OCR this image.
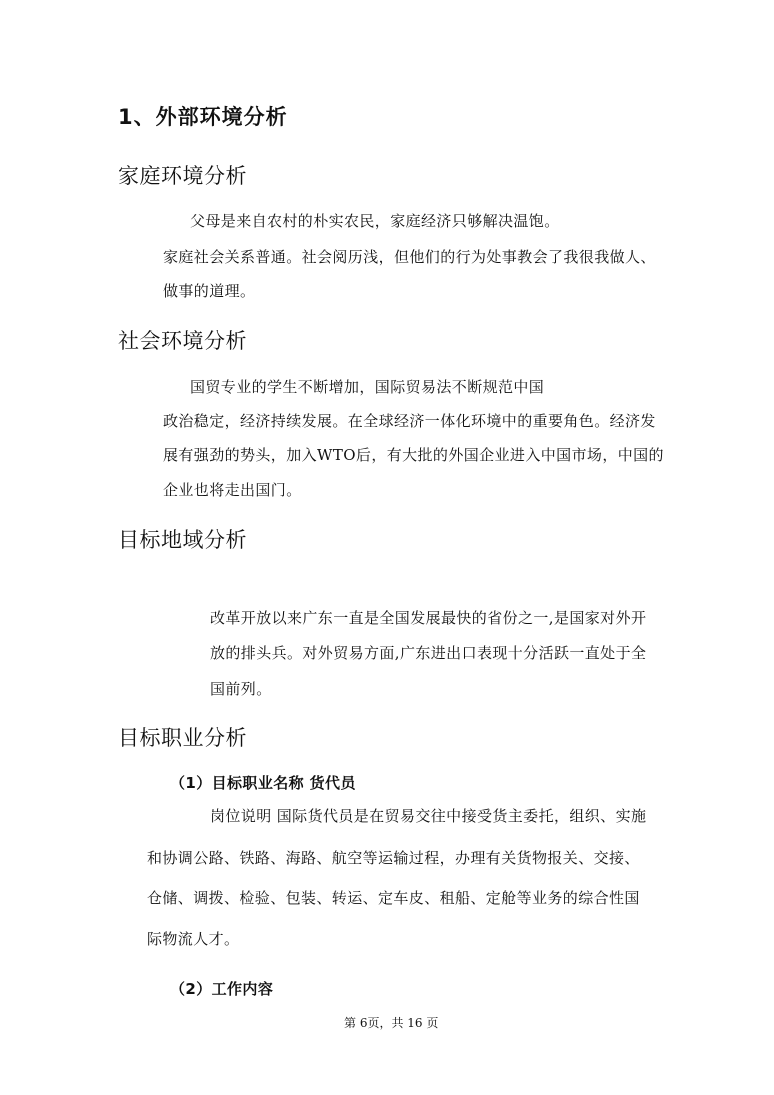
1、外部环境分析
家庭环境分析

父母是来自农村的朴实农民，家庭经济只够解决温饱。

家庭社会关系普通。社会阅历浅，但他们的行为处事教会了我很我做人、

做事的道理。

社会环境分析

国贸专业的学生不断增加，国际贸易法不断规范中国

政治稳定，经济持续发展。在全球经济一体化环境中的重要角色。经济发

展有强劲的势头，加入WTO后，有大批的外国企业进入中国市场，中国的

企业也将走出国门。

目标地域分析

改革开放以来广东一直是全国发展最快的省份之一,是国家对外开

放的排头兵。对外贸易方面,广东进出口表现十分活跃一直处于全

国前列。

目标职业分析

（1）目标职业名称 货代员

岗位说明 国际货代员是在贸易交往中接受货主委托，组织、实施

和协调公路、铁路、海路、航空等运输过程，办理有关货物报关、交接、

仓储、调拨、检验、包装、转运、定车皮、租船、定舱等业务的综合性国

际物流人才。

（2）工作内容

第 6页，共 16 页
